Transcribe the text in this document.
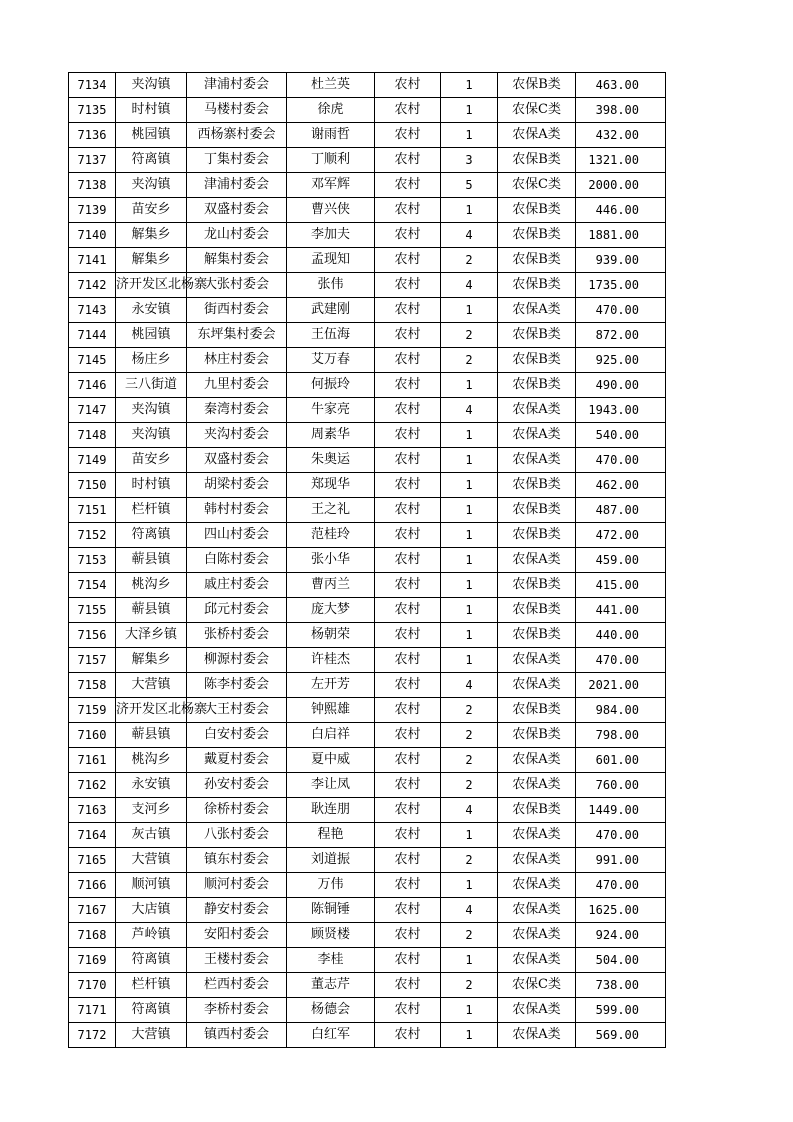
7134	夹沟镇	津浦村委会	杜兰英	农村	1	农保B类	463.00
7135	时村镇	马楼村委会	徐虎	农村	1	农保C类	398.00
7136	桃园镇	西杨寨村委会	谢雨哲	农村	1	农保A类	432.00
7137	符离镇	丁集村委会	丁顺利	农村	3	农保B类	1321.00
7138	夹沟镇	津浦村委会	邓军辉	农村	5	农保C类	2000.00
7139	苗安乡	双盛村委会	曹兴侠	农村	1	农保B类	446.00
7140	解集乡	龙山村委会	李加夫	农村	4	农保B类	1881.00
7141	解集乡	解集村委会	孟现知	农村	2	农保B类	939.00
7142	济开发区北杨寨	大张村委会	张伟	农村	4	农保B类	1735.00
7143	永安镇	街西村委会	武建刚	农村	1	农保A类	470.00
7144	桃园镇	东坪集村委会	王伍海	农村	2	农保B类	872.00
7145	杨庄乡	林庄村委会	艾万春	农村	2	农保B类	925.00
7146	三八街道	九里村委会	何振玲	农村	1	农保B类	490.00
7147	夹沟镇	秦湾村委会	牛家亮	农村	4	农保A类	1943.00
7148	夹沟镇	夹沟村委会	周素华	农村	1	农保A类	540.00
7149	苗安乡	双盛村委会	朱奥运	农村	1	农保A类	470.00
7150	时村镇	胡梁村委会	郑现华	农村	1	农保B类	462.00
7151	栏杆镇	韩村村委会	王之礼	农村	1	农保B类	487.00
7152	符离镇	四山村委会	范桂玲	农村	1	农保B类	472.00
7153	蕲县镇	白陈村委会	张小华	农村	1	农保A类	459.00
7154	桃沟乡	戚庄村委会	曹丙兰	农村	1	农保B类	415.00
7155	蕲县镇	邱元村委会	庞大梦	农村	1	农保B类	441.00
7156	大泽乡镇	张桥村委会	杨朝荣	农村	1	农保B类	440.00
7157	解集乡	柳源村委会	许桂杰	农村	1	农保A类	470.00
7158	大营镇	陈李村委会	左开芳	农村	4	农保A类	2021.00
7159	济开发区北杨寨	大王村委会	钟熙雄	农村	2	农保B类	984.00
7160	蕲县镇	白安村委会	白启祥	农村	2	农保B类	798.00
7161	桃沟乡	戴夏村委会	夏中威	农村	2	农保A类	601.00
7162	永安镇	孙安村委会	李让凤	农村	2	农保A类	760.00
7163	支河乡	徐桥村委会	耿连朋	农村	4	农保B类	1449.00
7164	灰古镇	八张村委会	程艳	农村	1	农保A类	470.00
7165	大营镇	镇东村委会	刘道振	农村	2	农保A类	991.00
7166	顺河镇	顺河村委会	万伟	农村	1	农保A类	470.00
7167	大店镇	静安村委会	陈铜锤	农村	4	农保A类	1625.00
7168	芦岭镇	安阳村委会	顾贤楼	农村	2	农保A类	924.00
7169	符离镇	王楼村委会	李桂	农村	1	农保A类	504.00
7170	栏杆镇	栏西村委会	董志芹	农村	2	农保C类	738.00
7171	符离镇	李桥村委会	杨德会	农村	1	农保A类	599.00
7172	大营镇	镇西村委会	白红军	农村	1	农保A类	569.00
